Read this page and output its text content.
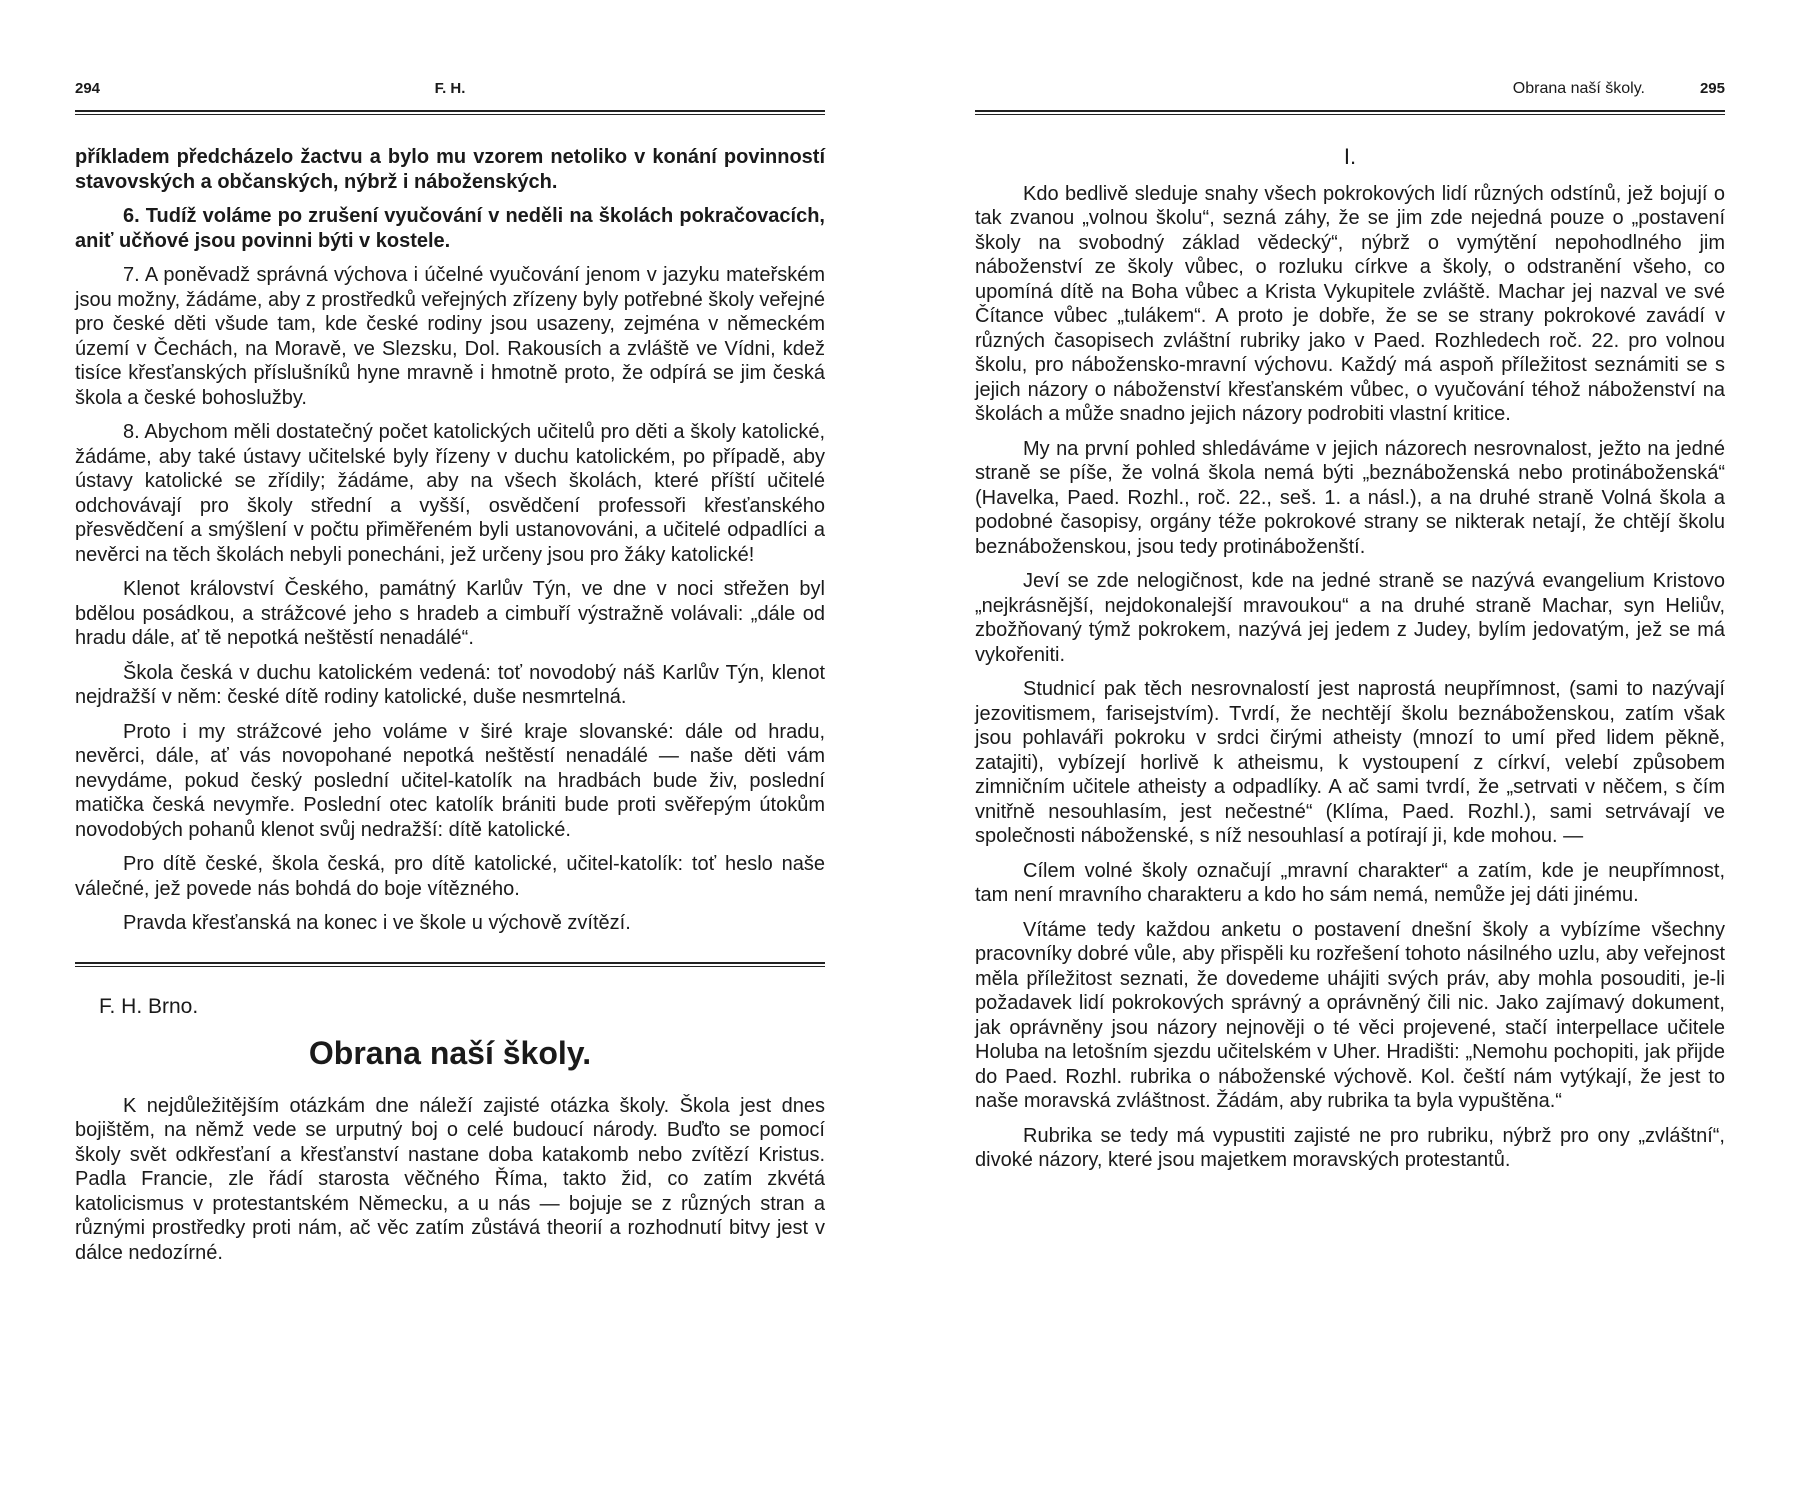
294	F. H.

příkladem předcházelo žactvu a bylo mu vzorem netoliko v konání povinností stavovských a občanských, nýbrž i náboženských.

6. Tudíž voláme po zrušení vyučování v neděli na školách pokračovacích, aniť učňové jsou povinni býti v kostele.

7. A poněvadž správná výchova i účelné vyučování jenom v jazyku mateřském jsou možny, žádáme, aby z prostředků veřejných zřízeny byly potřebné školy veřejné pro české děti všude tam, kde české rodiny jsou usazeny, zejména v německém území v Čechách, na Moravě, ve Slezsku, Dol. Rakousích a zvláště ve Vídni, kdež tisíce křesťanských příslušníků hyne mravně i hmotně proto, že odpírá se jim česká škola a české bohoslužby.

8. Abychom měli dostatečný počet katolických učitelů pro děti a školy katolické, žádáme, aby také ústavy učitelské byly řízeny v duchu katolickém, po případě, aby ústavy katolické se zřídily; žádáme, aby na všech školách, které příští učitelé odchovávají pro školy střední a vyšší, osvědčení professoři křesťanského přesvědčení a smýšlení v počtu přiměřeném byli ustanovováni, a učitelé odpadlíci a nevěrci na těch školách nebyli ponecháni, jež určeny jsou pro žáky katolické!

Klenot království Českého, památný Karlův Týn, ve dne v noci střežen byl bdělou posádkou, a strážcové jeho s hradeb a cimbuří výstražně volávali: „dále od hradu dále, ať tě nepotká neštěstí nenadálé“.

Škola česká v duchu katolickém vedená: toť novodobý náš Karlův Týn, klenot nejdražší v něm: české dítě rodiny katolické, duše nesmrtelná.

Proto i my strážcové jeho voláme v širé kraje slovanské: dále od hradu, nevěrci, dále, ať vás novopohané nepotká neštěstí nenadálé — naše děti vám nevydáme, pokud český poslední učitel-katolík na hradbách bude živ, poslední matička česká nevymře. Poslední otec katolík brániti bude proti svěřepým útokům novodobých pohanů klenot svůj nedražší: dítě katolické.

Pro dítě české, škola česká, pro dítě katolické, učitel-katolík: toť heslo naše válečné, jež povede nás bohdá do boje vítězného.

Pravda křesťanská na konec i ve škole u výchově zvítězí.

F. H. Brno.
Obrana naší školy.

K nejdůležitějším otázkám dne náleží zajisté otázka školy. Škola jest dnes bojištěm, na němž vede se urputný boj o celé budoucí národy. Buďto se pomocí školy svět odkřesťaní a křesťanství nastane doba katakomb nebo zvítězí Kristus. Padla Francie, zle řádí starosta věčného Říma, takto žid, co zatím zkvétá katolicismus v protestantském Německu, a u nás — bojuje se z různých stran a různými prostředky proti nám, ač věc zatím zůstává theorií a rozhodnutí bitvy jest v dálce nedozírné.

Obrana naší školy.	295
I.

Kdo bedlivě sleduje snahy všech pokrokových lidí různých odstínů, jež bojují o tak zvanou „volnou školu“, sezná záhy, že se jim zde nejedná pouze o „postavení školy na svobodný základ vědecký“, nýbrž o vymýtění nepohodlného jim náboženství ze školy vůbec, o rozluku církve a školy, o odstranění všeho, co upomíná dítě na Boha vůbec a Krista Vykupitele zvláště. Machar jej nazval ve své Čítance vůbec „tulákem“. A proto je dobře, že se se strany pokrokové zavádí v různých časopisech zvláštní rubriky jako v Paed. Rozhledech roč. 22. pro volnou školu, pro nábožensko-mravní výchovu. Každý má aspoň příležitost seznámiti se s jejich názory o náboženství křesťanském vůbec, o vyučování téhož náboženství na školách a může snadno jejich názory podrobiti vlastní kritice.

My na první pohled shledáváme v jejich názorech nesrovnalost, ježto na jedné straně se píše, že volná škola nemá býti „beznáboženská nebo protináboženská“ (Havelka, Paed. Rozhl., roč. 22., seš. 1. a násl.), a na druhé straně Volná škola a podobné časopisy, orgány téže pokrokové strany se nikterak netají, že chtějí školu beznáboženskou, jsou tedy protináboženští.

Jeví se zde nelogičnost, kde na jedné straně se nazývá evangelium Kristovo „nejkrásnější, nejdokonalejší mravoukou“ a na druhé straně Machar, syn Heliův, zbožňovaný týmž pokrokem, nazývá jej jedem z Judey, bylím jedovatým, jež se má vykořeniti.

Studnicí pak těch nesrovnalostí jest naprostá neupřímnost, (sami to nazývají jezovitismem, farisejstvím). Tvrdí, že nechtějí školu beznáboženskou, zatím však jsou pohlaváři pokroku v srdci čirými atheisty (mnozí to umí před lidem pěkně, zatajiti), vybízejí horlivě k atheismu, k vystoupení z církví, velebí způsobem zimničním učitele atheisty a odpadlíky. A ač sami tvrdí, že „setrvati v něčem, s čím vnitřně nesouhlasím, jest nečestné“ (Klíma, Paed. Rozhl.), sami setrvávají ve společnosti náboženské, s níž nesouhlasí a potírají ji, kde mohou. —

Cílem volné školy označují „mravní charakter“ a zatím, kde je neupřímnost, tam není mravního charakteru a kdo ho sám nemá, nemůže jej dáti jinému.

Vítáme tedy každou anketu o postavení dnešní školy a vybízíme všechny pracovníky dobré vůle, aby přispěli ku rozřešení tohoto násilného uzlu, aby veřejnost měla příležitost seznati, že dovedeme uhájiti svých práv, aby mohla posouditi, je-li požadavek lidí pokrokových správný a oprávněný čili nic. Jako zajímavý dokument, jak oprávněny jsou názory nejnověji o té věci projevené, stačí interpellace učitele Holuba na letošním sjezdu učitelském v Uher. Hradišti: „Nemohu pochopiti, jak přijde do Paed. Rozhl. rubrika o náboženské výchově. Kol. čeští nám vytýkají, že jest to naše moravská zvláštnost. Žádám, aby rubrika ta byla vypuštěna.“

Rubrika se tedy má vypustiti zajisté ne pro rubriku, nýbrž pro ony „zvláštní“, divoké názory, které jsou majetkem moravských protestantů.
